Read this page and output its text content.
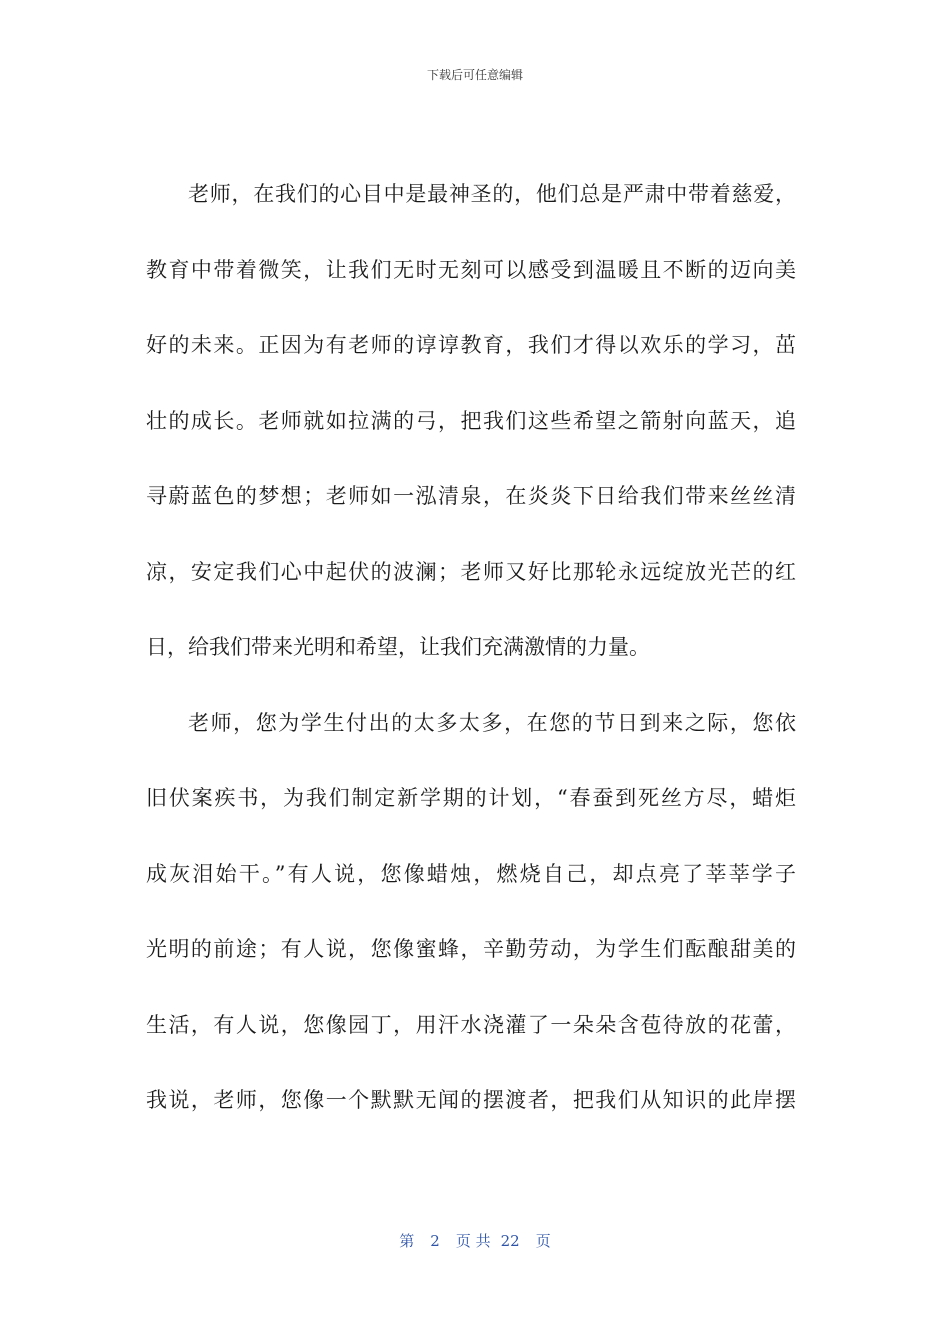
下载后可任意编辑
老师，在我们的心目中是最神圣的，他们总是严肃中带着慈爱，
教育中带着微笑，让我们无时无刻可以感受到温暖且不断的迈向美
好的未来。正因为有老师的谆谆教育，我们才得以欢乐的学习，茁
壮的成长。老师就如拉满的弓，把我们这些希望之箭射向蓝天，追
寻蔚蓝色的梦想；老师如一泓清泉，在炎炎下日给我们带来丝丝清
凉，安定我们心中起伏的波澜；老师又好比那轮永远绽放光芒的红
日，给我们带来光明和希望，让我们充满激情的力量。
老师，您为学生付出的太多太多，在您的节日到来之际，您依
旧伏案疾书，为我们制定新学期的计划，“春蚕到死丝方尽，蜡炬
成灰泪始干。”有人说，您像蜡烛，燃烧自己，却点亮了莘莘学子
光明的前途；有人说，您像蜜蜂，辛勤劳动，为学生们酝酿甜美的
生活，有人说，您像园丁，用汗水浇灌了一朵朵含苞待放的花蕾，
我说，老师，您像一个默默无闻的摆渡者，把我们从知识的此岸摆
第 2 页 共 22 页
